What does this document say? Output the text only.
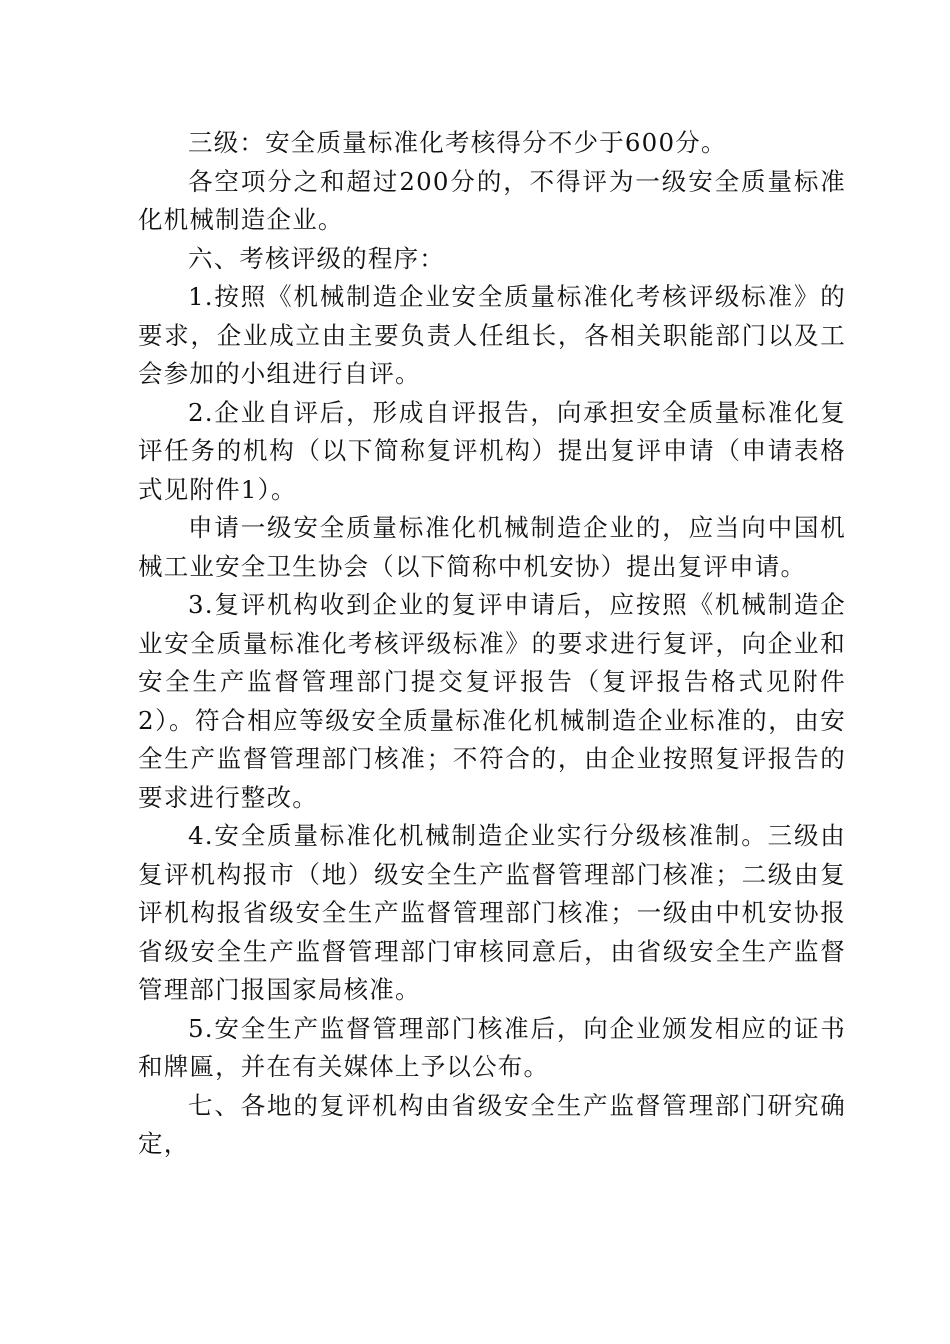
三级：安全质量标准化考核得分不少于600分。

各空项分之和超过200分的，不得评为一级安全质量标准化机械制造企业。

六、考核评级的程序：

1.按照《机械制造企业安全质量标准化考核评级标准》的要求，企业成立由主要负责人任组长，各相关职能部门以及工会参加的小组进行自评。

2.企业自评后，形成自评报告，向承担安全质量标准化复评任务的机构（以下简称复评机构）提出复评申请（申请表格式见附件1）。

申请一级安全质量标准化机械制造企业的，应当向中国机械工业安全卫生协会（以下简称中机安协）提出复评申请。

3.复评机构收到企业的复评申请后，应按照《机械制造企业安全质量标准化考核评级标准》的要求进行复评，向企业和安全生产监督管理部门提交复评报告（复评报告格式见附件2）。符合相应等级安全质量标准化机械制造企业标准的，由安全生产监督管理部门核准；不符合的，由企业按照复评报告的要求进行整改。

4.安全质量标准化机械制造企业实行分级核准制。三级由复评机构报市（地）级安全生产监督管理部门核准；二级由复评机构报省级安全生产监督管理部门核准；一级由中机安协报省级安全生产监督管理部门审核同意后，由省级安全生产监督管理部门报国家局核准。

5.安全生产监督管理部门核准后，向企业颁发相应的证书和牌匾，并在有关媒体上予以公布。

七、各地的复评机构由省级安全生产监督管理部门研究确定，
